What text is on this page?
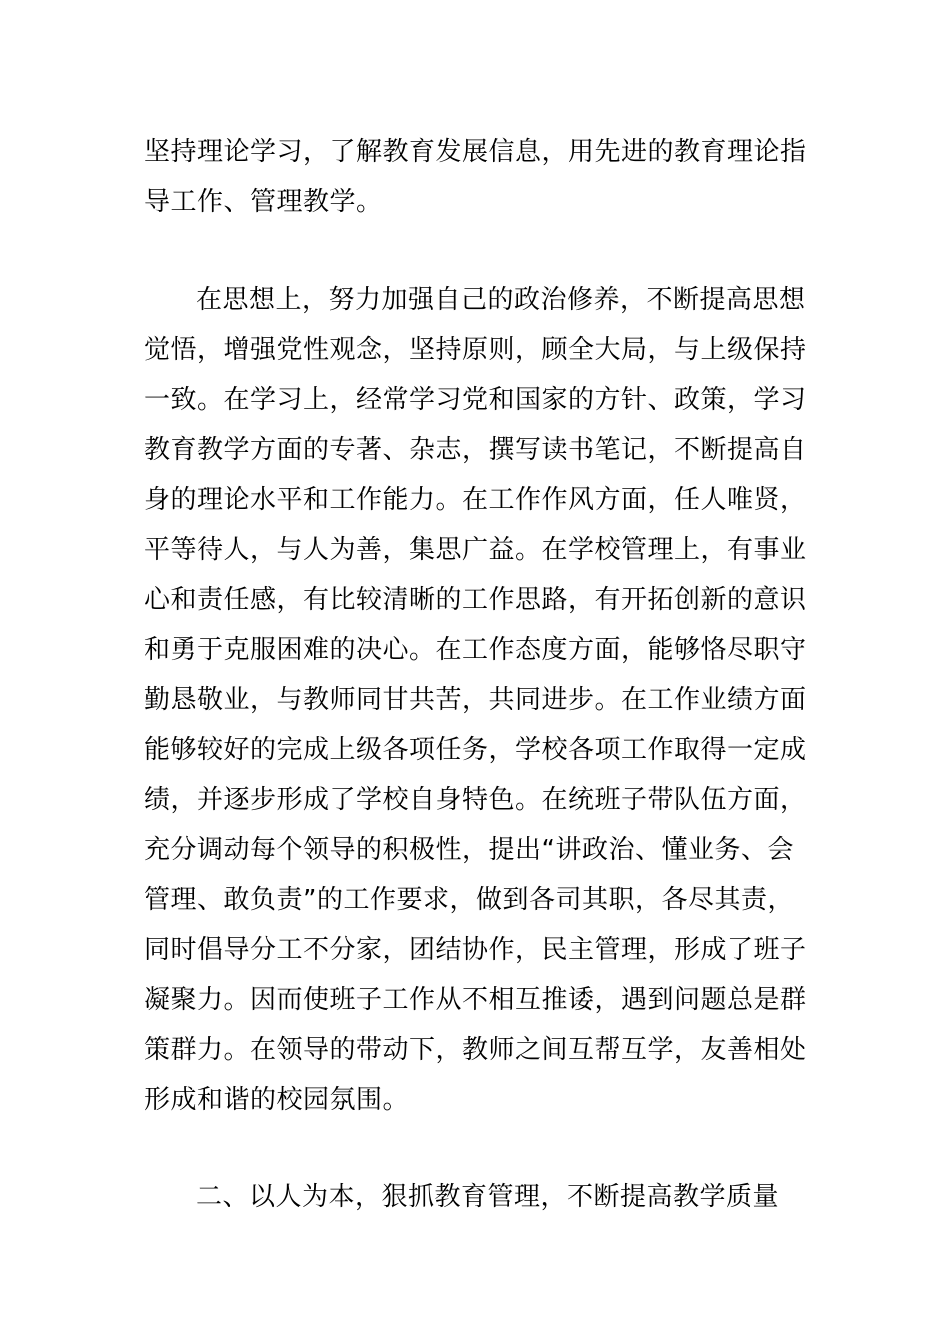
坚持理论学习，了解教育发展信息，用先进的教育理论指
导工作、管理教学。
在思想上，努力加强自己的政治修养，不断提高思想
觉悟，增强党性观念，坚持原则，顾全大局，与上级保持
一致。在学习上，经常学习党和国家的方针、政策，学习
教育教学方面的专著、杂志，撰写读书笔记，不断提高自
身的理论水平和工作能力。在工作作风方面，任人唯贤，
平等待人，与人为善，集思广益。在学校管理上，有事业
心和责任感，有比较清晰的工作思路，有开拓创新的意识
和勇于克服困难的决心。在工作态度方面，能够恪尽职守
勤恳敬业，与教师同甘共苦，共同进步。在工作业绩方面
能够较好的完成上级各项任务，学校各项工作取得一定成
绩，并逐步形成了学校自身特色。在统班子带队伍方面，
充分调动每个领导的积极性，提出“讲政治、懂业务、会
管理、敢负责”的工作要求，做到各司其职，各尽其责，
同时倡导分工不分家，团结协作，民主管理，形成了班子
凝聚力。因而使班子工作从不相互推诿，遇到问题总是群
策群力。在领导的带动下，教师之间互帮互学，友善相处
形成和谐的校园氛围。
二、以人为本，狠抓教育管理，不断提高教学质量
